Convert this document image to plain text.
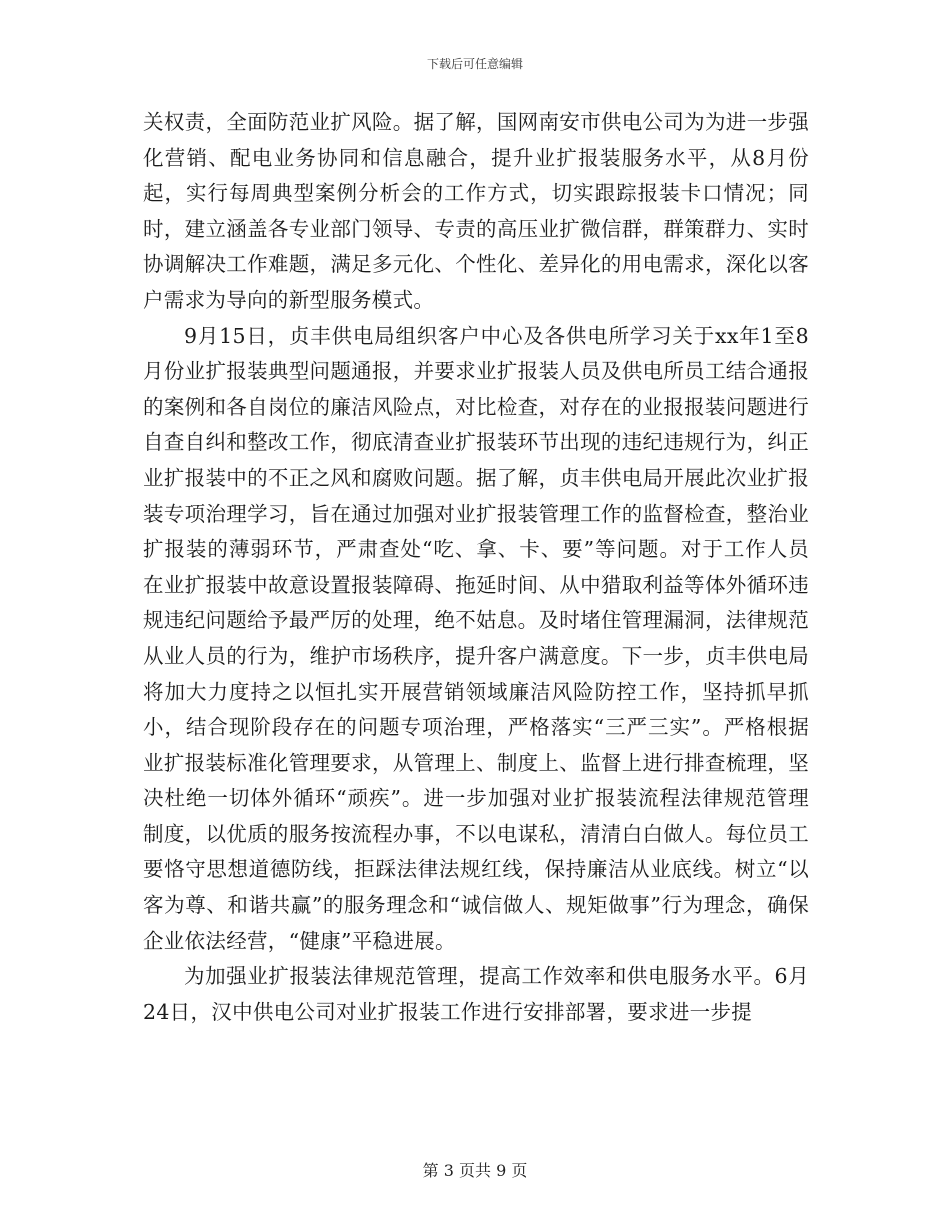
下载后可任意编辑

关权责，全面防范业扩风险。据了解，国网南安市供电公司为为进一步强化营销、配电业务协同和信息融合，提升业扩报装服务水平，从8月份起，实行每周典型案例分析会的工作方式，切实跟踪报装卡口情况；同时，建立涵盖各专业部门领导、专责的高压业扩微信群，群策群力、实时协调解决工作难题，满足多元化、个性化、差异化的用电需求，深化以客户需求为导向的新型服务模式。

9月15日，贞丰供电局组织客户中心及各供电所学习关于xx年1至8月份业扩报装典型问题通报，并要求业扩报装人员及供电所员工结合通报的案例和各自岗位的廉洁风险点，对比检查，对存在的业报报装问题进行自查自纠和整改工作，彻底清查业扩报装环节出现的违纪违规行为，纠正业扩报装中的不正之风和腐败问题。据了解，贞丰供电局开展此次业扩报装专项治理学习，旨在通过加强对业扩报装管理工作的监督检查，整治业扩报装的薄弱环节，严肃查处“吃、拿、卡、要”等问题。对于工作人员在业扩报装中故意设置报装障碍、拖延时间、从中猎取利益等体外循环违规违纪问题给予最严厉的处理，绝不姑息。及时堵住管理漏洞，法律规范从业人员的行为，维护市场秩序，提升客户满意度。下一步，贞丰供电局将加大力度持之以恒扎实开展营销领域廉洁风险防控工作，坚持抓早抓小，结合现阶段存在的问题专项治理，严格落实“三严三实”。严格根据业扩报装标准化管理要求，从管理上、制度上、监督上进行排查梳理，坚决杜绝一切体外循环“顽疾”。进一步加强对业扩报装流程法律规范管理制度，以优质的服务按流程办事，不以电谋私，清清白白做人。每位员工要恪守思想道德防线，拒踩法律法规红线，保持廉洁从业底线。树立“以客为尊、和谐共赢”的服务理念和“诚信做人、规矩做事”行为理念，确保企业依法经营，“健康”平稳进展。

为加强业扩报装法律规范管理，提高工作效率和供电服务水平。6月24日，汉中供电公司对业扩报装工作进行安排部署，要求进一步提

第 3 页共 9 页
